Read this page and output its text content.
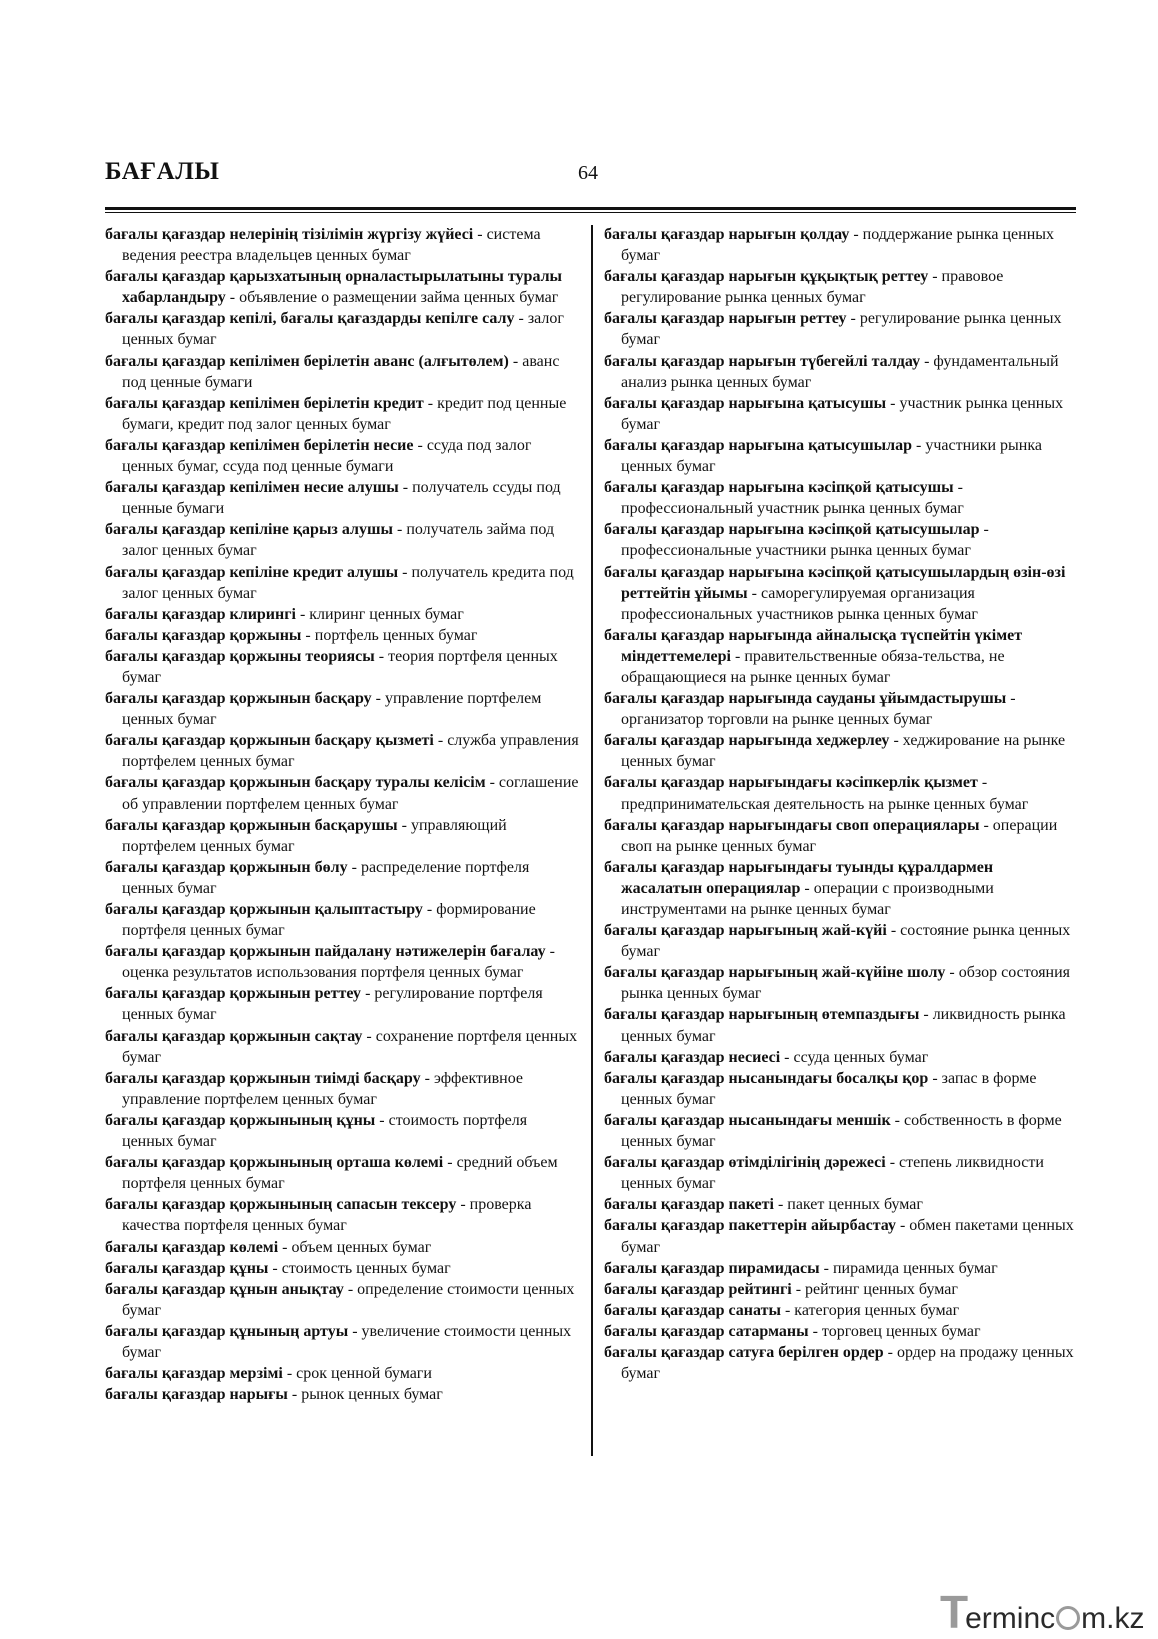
БАҒАЛЫ	64

бағалы қағаздар нелерінің тізілімін жүргізу жүйесі - система ведения реестра владельцев ценных бумаг

бағалы қағаздар қарызхатының орналастырылатыны туралы хабарландыру - объявление о размещении займа ценных бумаг

бағалы қағаздар кепілі, бағалы қағаздарды кепілге салу - залог ценных бумаг

бағалы қағаздар кепілімен берілетін аванс (алғытөлем) - аванс под ценные бумаги

бағалы қағаздар кепілімен берілетін кредит - кредит под ценные бумаги, кредит под залог ценных бумаг

бағалы қағаздар кепілімен берілетін несие - ссуда под залог ценных бумаг, ссуда под ценные бумаги

бағалы қағаздар кепілімен несие алушы - получатель ссуды под ценные бумаги

бағалы қағаздар кепіліне қарыз алушы - получатель займа под залог ценных бумаг

бағалы қағаздар кепіліне кредит алушы - получатель кредита под залог ценных бумаг

бағалы қағаздар клирингі - клиринг ценных бумаг

бағалы қағаздар қоржыны - портфель ценных бумаг

бағалы қағаздар қоржыны теориясы - теория портфеля ценных бумаг

бағалы қағаздар қоржынын басқару - управление портфелем ценных бумаг

бағалы қағаздар қоржынын басқару қызметі - служба управления портфелем ценных бумаг

бағалы қағаздар қоржынын басқару туралы келісім - соглашение об управлении портфелем ценных бумаг

бағалы қағаздар қоржынын басқарушы - управляющий портфелем ценных бумаг

бағалы қағаздар қоржынын бөлу - распределение портфеля ценных бумаг

бағалы қағаздар қоржынын қалыптастыру - формирование портфеля ценных бумаг

бағалы қағаздар қоржынын пайдалану нәтижелерін бағалау - оценка результатов использования портфеля ценных бумаг

бағалы қағаздар қоржынын реттеу - регулирование портфеля ценных бумаг

бағалы қағаздар қоржынын сақтау - сохранение портфеля ценных бумаг

бағалы қағаздар қоржынын тиімді басқару - эффективное управление портфелем ценных бумаг

бағалы қағаздар қоржынының құны - стоимость портфеля ценных бумаг

бағалы қағаздар қоржынының орташа көлемі - средний объем портфеля ценных бумаг

бағалы қағаздар қоржынының сапасын тексеру - проверка качества портфеля ценных бумаг

бағалы қағаздар көлемі - объем ценных бумаг

бағалы қағаздар құны - стоимость ценных бумаг

бағалы қағаздар құнын анықтау - определение стоимости ценных бумаг

бағалы қағаздар құнының артуы - увеличение стоимости ценных бумаг

бағалы қағаздар мерзімі - срок ценной бумаги

бағалы қағаздар нарығы - рынок ценных бумаг

бағалы қағаздар нарығын қолдау - поддержание рынка ценных бумаг

бағалы қағаздар нарығын құқықтық реттеу - правовое регулирование рынка ценных бумаг

бағалы қағаздар нарығын реттеу - регулирование рынка ценных бумаг

бағалы қағаздар нарығын түбегейлі талдау - фундаментальный анализ рынка ценных бумаг

бағалы қағаздар нарығына қатысушы - участник рынка ценных бумаг

бағалы қағаздар нарығына қатысушылар - участники рынка ценных бумаг

бағалы қағаздар нарығына кәсіпқой қатысушы - профессиональный участник рынка ценных бумаг

бағалы қағаздар нарығына кәсіпқой қатысушылар - профессиональные участники рынка ценных бумаг

бағалы қағаздар нарығына кәсіпқой қатысушылардың өзін-өзі реттейтін ұйымы - саморегулируемая организация профессиональных участников рынка ценных бумаг

бағалы қағаздар нарығында айналысқа түспейтін үкімет міндеттемелері - правительственные обяза-тельства, не обращающиеся на рынке ценных бумаг

бағалы қағаздар нарығында сауданы ұйымдастырушы - организатор торговли на рынке ценных бумаг

бағалы қағаздар нарығында хеджерлеу - хеджирование на рынке ценных бумаг

бағалы қағаздар нарығындағы кәсіпкерлік қызмет - предпринимательская деятельность на рынке ценных бумаг

бағалы қағаздар нарығындағы своп операциялары - операции своп на рынке ценных бумаг

бағалы қағаздар нарығындағы туынды құралдармен жасалатын операциялар - операции с производными инструментами на рынке ценных бумаг

бағалы қағаздар нарығының жай-күйі - состояние рынка ценных бумаг

бағалы қағаздар нарығының жай-күйіне шолу - обзор состояния рынка ценных бумаг

бағалы қағаздар нарығының өтемпаздығы - ликвидность рынка ценных бумаг

бағалы қағаздар несиесі - ссуда ценных бумаг

бағалы қағаздар нысанындағы босалқы қор - запас в форме ценных бумаг

бағалы қағаздар нысанындағы меншік - собственность в форме ценных бумаг

бағалы қағаздар өтімділігінің дәрежесі - степень ликвидности ценных бумаг

бағалы қағаздар пакеті - пакет ценных бумаг

бағалы қағаздар пакеттерін айырбастау - обмен пакетами ценных бумаг

бағалы қағаздар пирамидасы - пирамида ценных бумаг

бағалы қағаздар рейтингі - рейтинг ценных бумаг

бағалы қағаздар санаты - категория ценных бумаг

бағалы қағаздар сатарманы - торговец ценных бумаг

бағалы қағаздар сатуға берілген ордер - ордер на продажу ценных бумаг

Terminc m.kz
